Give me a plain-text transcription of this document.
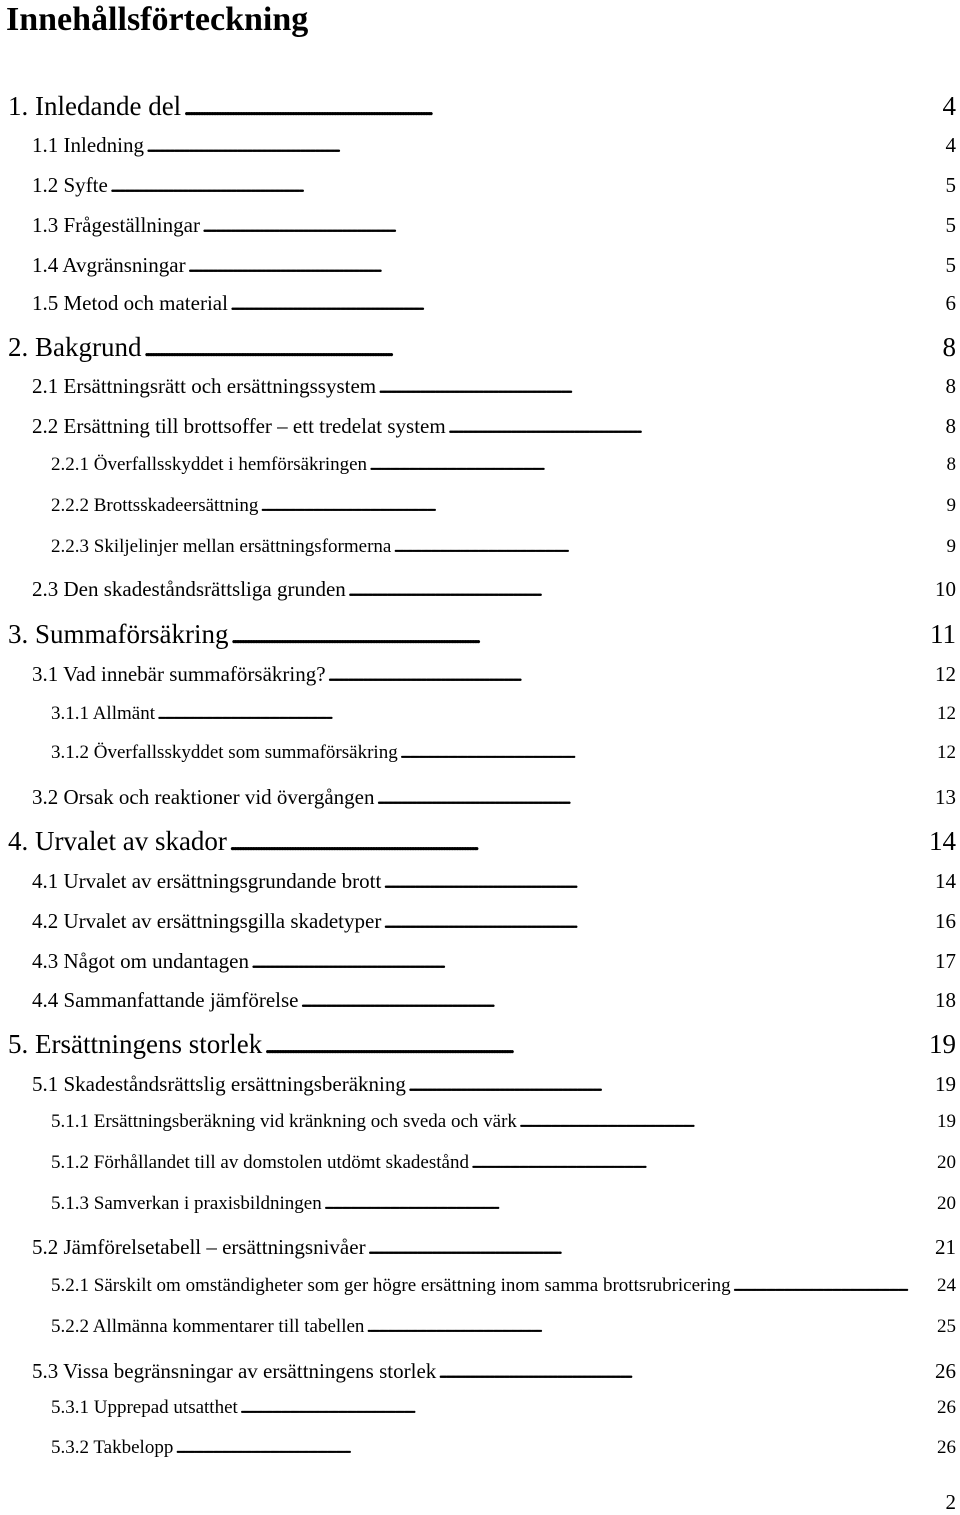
Innehållsförteckning
1. Inledande del . . .	4
1.1 Inledning . . .	4
1.2 Syfte . . .	5
1.3 Frågeställningar . . .	5
1.4 Avgränsningar . . .	5
1.5 Metod och material . . .	6
2. Bakgrund . . .	8
2.1 Ersättningsrätt och ersättningssystem . . .	8
2.2 Ersättning till brottsoffer – ett tredelat system . . .	8
2.2.1 Överfallsskyddet i hemförsäkringen . . .	8
2.2.2 Brottsskadeersättning . . .	9
2.2.3 Skiljelinjer mellan ersättningsformerna . . .	9
2.3 Den skadeståndsrättsliga grunden . . .	10
3. Summaförsäkring . . .	11
3.1 Vad innebär summaförsäkring? . . .	12
3.1.1 Allmänt . . .	12
3.1.2 Överfallsskyddet som summaförsäkring . . .	12
3.2 Orsak och reaktioner vid övergången . . .	13
4. Urvalet av skador . . .	14
4.1 Urvalet av ersättningsgrundande brott . . .	14
4.2 Urvalet av ersättningsgilla skadetyper . . .	16
4.3 Något om undantagen . . .	17
4.4 Sammanfattande jämförelse . . .	18
5. Ersättningens storlek . . .	19
5.1 Skadeståndsrättslig ersättningsberäkning . . .	19
5.1.1 Ersättningsberäkning vid kränkning och sveda och värk . . .	19
5.1.2 Förhållandet till av domstolen utdömt skadestånd . . .	20
5.1.3 Samverkan i praxisbildningen . . .	20
5.2 Jämförelsetabell – ersättningsnivåer . . .	21
5.2.1 Särskilt om omständigheter som ger högre ersättning inom samma brottsrubricering . . .	24
5.2.2 Allmänna kommentarer till tabellen . . .	25
5.3 Vissa begränsningar av ersättningens storlek . . .	26
5.3.1 Upprepad utsatthet . . .	26
5.3.2 Takbelopp . . .	26
2
